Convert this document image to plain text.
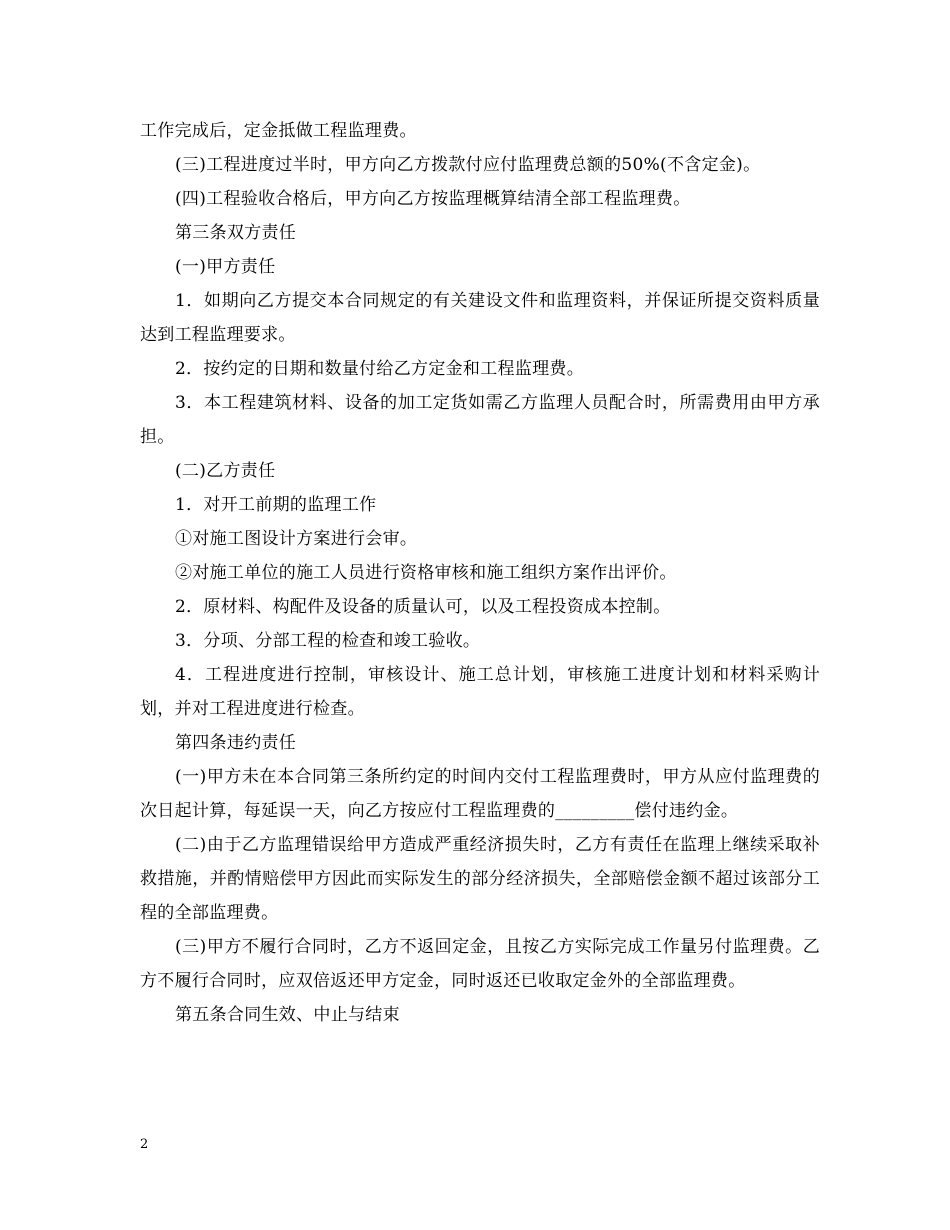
工作完成后，定金抵做工程监理费。

(三)工程进度过半时，甲方向乙方拨款付应付监理费总额的50%(不含定金)。

(四)工程验收合格后，甲方向乙方按监理概算结清全部工程监理费。

第三条双方责任

(一)甲方责任

1．如期向乙方提交本合同规定的有关建设文件和监理资料，并保证所提交资料质量达到工程监理要求。

2．按约定的日期和数量付给乙方定金和工程监理费。

3．本工程建筑材料、设备的加工定货如需乙方监理人员配合时，所需费用由甲方承担。

(二)乙方责任

1．对开工前期的监理工作

①对施工图设计方案进行会审。

②对施工单位的施工人员进行资格审核和施工组织方案作出评价。

2．原材料、构配件及设备的质量认可，以及工程投资成本控制。

3．分项、分部工程的检查和竣工验收。

4．工程进度进行控制，审核设计、施工总计划，审核施工进度计划和材料采购计划，并对工程进度进行检查。

第四条违约责任

(一)甲方未在本合同第三条所约定的时间内交付工程监理费时，甲方从应付监理费的次日起计算，每延误一天，向乙方按应付工程监理费的_________偿付违约金。

(二)由于乙方监理错误给甲方造成严重经济损失时，乙方有责任在监理上继续采取补救措施，并酌情赔偿甲方因此而实际发生的部分经济损失，全部赔偿金额不超过该部分工程的全部监理费。

(三)甲方不履行合同时，乙方不返回定金，且按乙方实际完成工作量另付监理费。乙方不履行合同时，应双倍返还甲方定金，同时返还已收取定金外的全部监理费。

第五条合同生效、中止与结束

2
